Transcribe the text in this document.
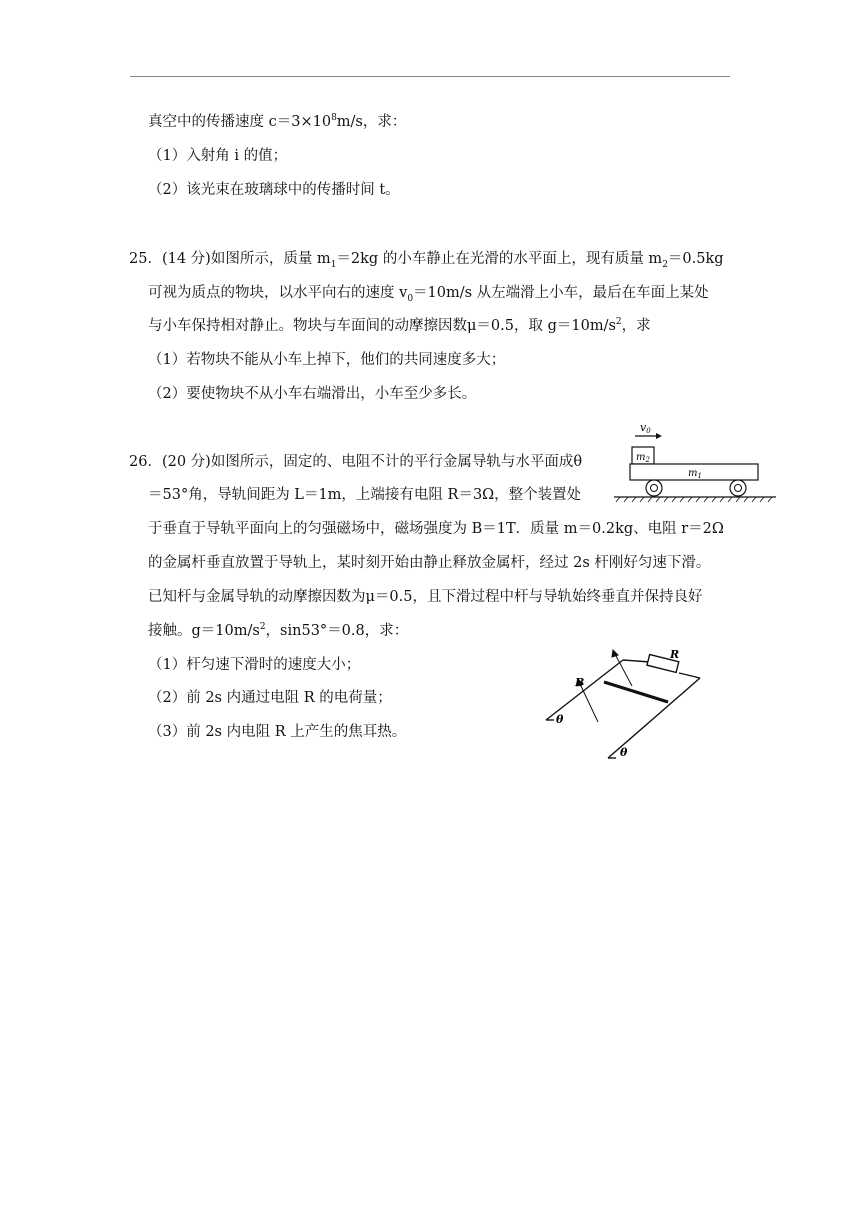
真空中的传播速度 $c=3\times 10^8m/s$，求：
（1）入射角 i 的值；
（2）该光束在玻璃球中的传播时间 t。
25．(14 分)如图所示，质量 $m_1=2kg$ 的小车静止在光滑的水平面上，现有质量 $m_2=0.5kg$
可视为质点的物块，以水平向右的速度 $v_0=10m/s$ 从左端滑上小车，最后在车面上某处
与小车保持相对静止。物块与车面间的动摩擦因数μ＝0.5，取 $g=10m/s^2$，求
（1）若物块不能从小车上掉下，他们的共同速度多大；
（2）要使物块不从小车右端滑出，小车至少多长。
v0
$m_2$
$m_1$
26．(20 分)如图所示，固定的、电阻不计的平行金属导轨与水平面成θ
＝53°角，导轨间距为 L＝1m，上端接有电阻 R＝3Ω，整个装置处
于垂直于导轨平面向上的匀强磁场中，磁场强度为 B＝1T．质量 m＝0.2kg、电阻 r＝2Ω
的金属杆垂直放置于导轨上，某时刻开始由静止释放金属杆，经过 2s 杆刚好匀速下滑。
已知杆与金属导轨的动摩擦因数为μ＝0.5，且下滑过程中杆与导轨始终垂直并保持良好
接触。$g=10m/s^2$，sin53°＝0.8，求：
（1）杆匀速下滑时的速度大小；
（2）前 2s 内通过电阻 R 的电荷量；
（3）前 2s 内电阻 R 上产生的焦耳热。
R
B
θ
θ
